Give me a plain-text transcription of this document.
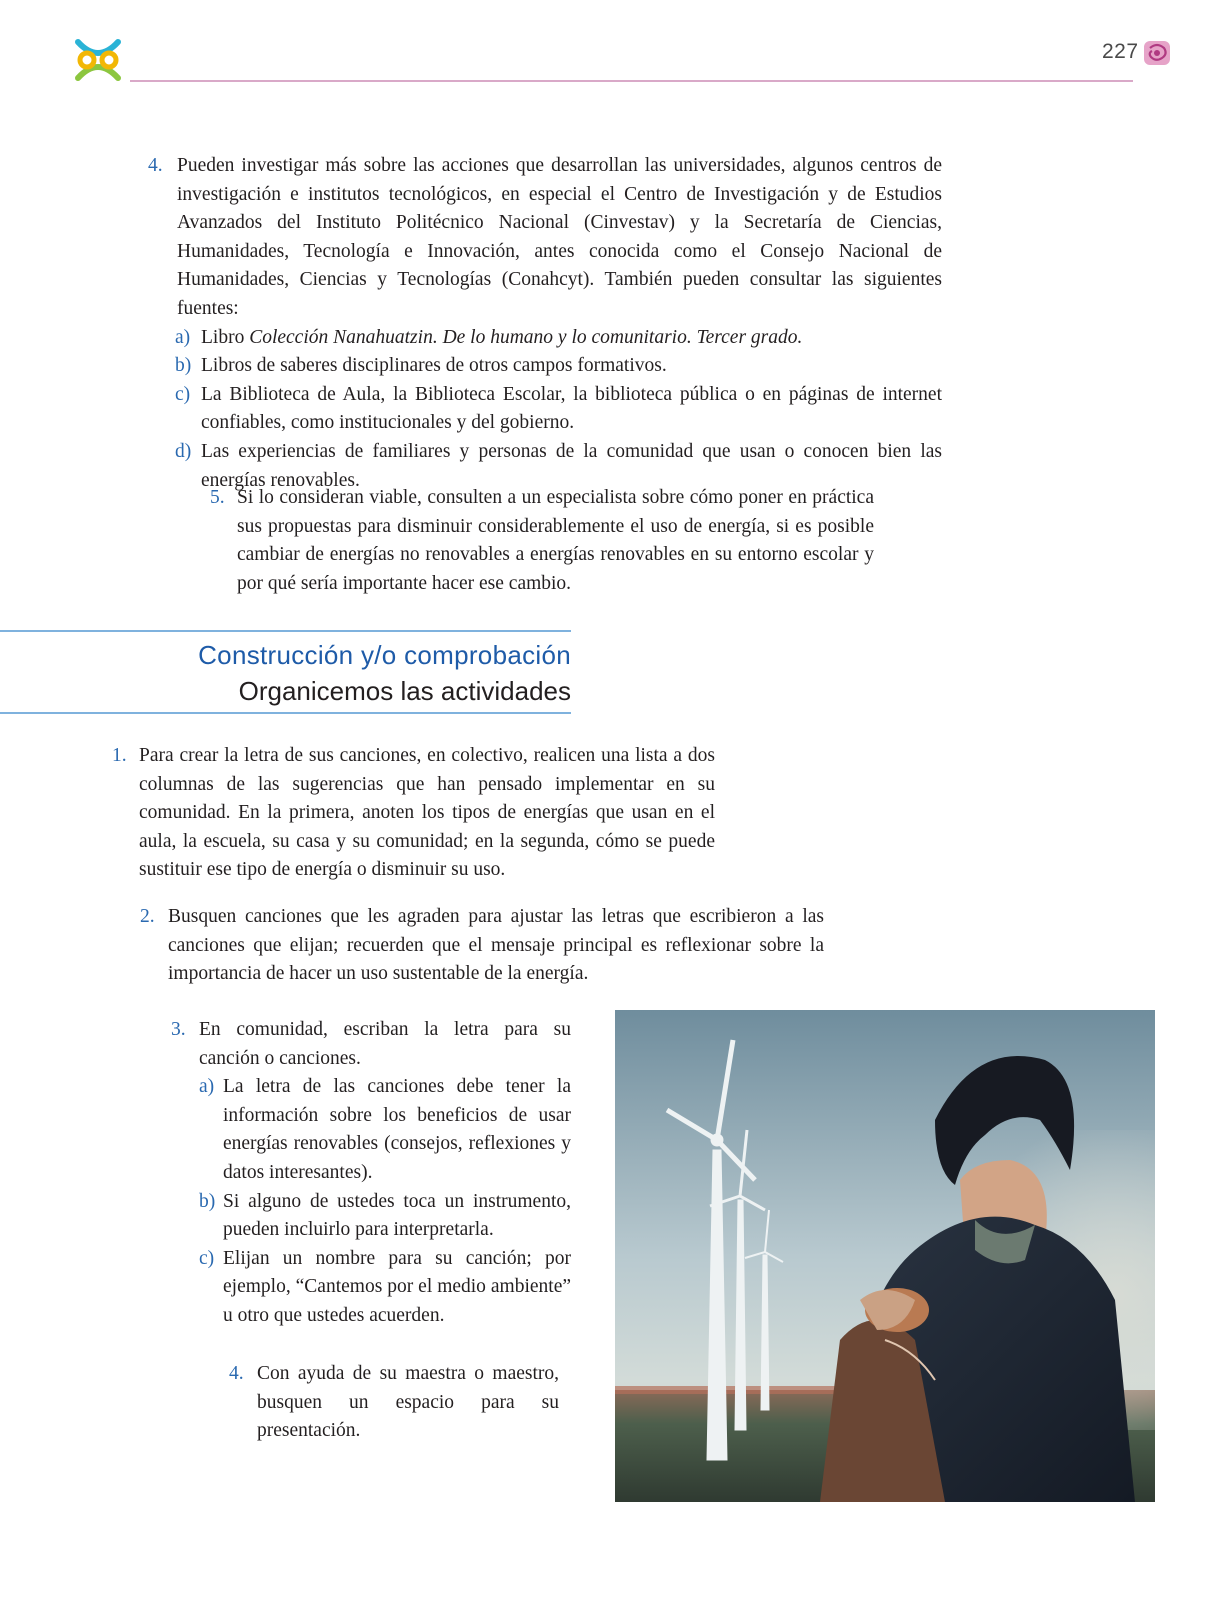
227
4. Pueden investigar más sobre las acciones que desarrollan las universidades, algunos centros de investigación e institutos tecnológicos, en especial el Centro de Investigación y de Estudios Avanzados del Instituto Politécnico Nacional (Cinvestav) y la Secretaría de Ciencias, Humanidades, Tecnología e Innovación, antes conocida como el Consejo Nacional de Humanidades, Ciencias y Tecnologías (Conahcyt). También pueden consultar las siguientes fuentes:
a) Libro Colección Nanahuatzin. De lo humano y lo comunitario. Tercer grado.
b) Libros de saberes disciplinares de otros campos formativos.
c) La Biblioteca de Aula, la Biblioteca Escolar, la biblioteca pública o en páginas de internet confiables, como institucionales y del gobierno.
d) Las experiencias de familiares y personas de la comunidad que usan o conocen bien las energías renovables.
5. Si lo consideran viable, consulten a un especialista sobre cómo poner en práctica sus propuestas para disminuir considerablemente el uso de energía, si es posible cambiar de energías no renovables a energías renovables en su entorno escolar y por qué sería importante hacer ese cambio.
Construcción y/o comprobación
Organicemos las actividades
1. Para crear la letra de sus canciones, en colectivo, realicen una lista a dos columnas de las sugerencias que han pensado implementar en su comunidad. En la primera, anoten los tipos de energías que usan en el aula, la escuela, su casa y su comunidad; en la segunda, cómo se puede sustituir ese tipo de energía o disminuir su uso.
2. Busquen canciones que les agraden para ajustar las letras que escribieron a las canciones que elijan; recuerden que el mensaje principal es reflexionar sobre la importancia de hacer un uso sustentable de la energía.
3. En comunidad, escriban la letra para su canción o canciones.
a) La letra de las canciones debe tener la información sobre los beneficios de usar energías renovables (consejos, reflexiones y datos interesantes).
b) Si alguno de ustedes toca un instrumento, pueden incluirlo para interpretarla.
c) Elijan un nombre para su canción; por ejemplo, “Cantemos por el medio ambiente” u otro que ustedes acuerden.
4. Con ayuda de su maestra o maestro, busquen un espacio para su presentación.
